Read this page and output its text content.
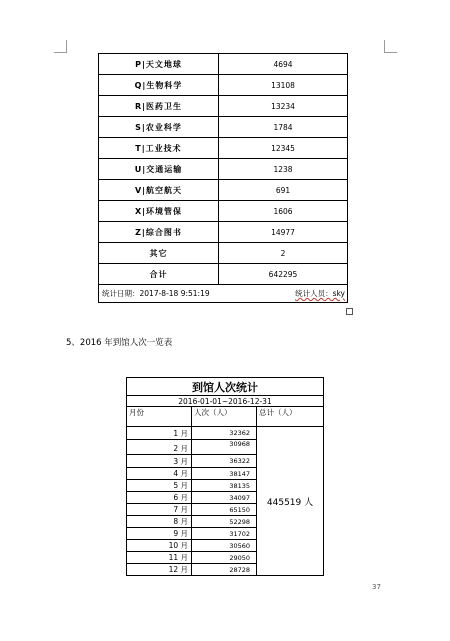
P|天文地球	4694
Q|生物科学	13108
R|医药卫生	13234
S|农业科学	1784
T|工业技术	12345
U|交通运输	1238
V|航空航天	691
X|环境管保	1606
Z|综合图书	14977
其它	2
合计	642295

统计日期：2017-8-18 9:51:19 统计人员：sky	
5、2016 年到馆人次一览表
到馆人次统计		
2016-01-01~2016-12-31		
月份	人次（人）	总计（人）
1 月	32362	445519 人
2 月	30968	
3 月	36322	
4 月	38147	
5 月	38135	
6 月	34097	
7 月	65150	
8 月	52298	
9 月	31702	
10 月	30560	
11 月	29050	
12 月	28728	
37
